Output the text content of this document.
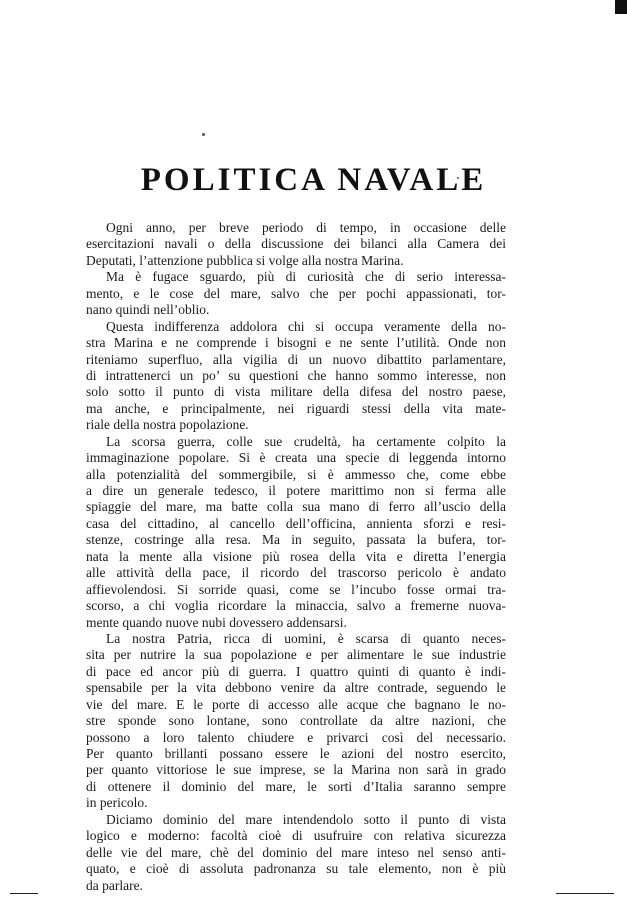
POLITICA NAVALE
Ogni anno, per breve periodo di tempo, in occasione delle
esercitazioni navali o della discussione dei bilanci alla Camera dei
Deputati, l’attenzione pubblica si volge alla nostra Marina.
Ma è fugace sguardo, più di curiosità che di serio interessa-
mento, e le cose del mare, salvo che per pochi appassionati, tor-
nano quindi nell’oblio.
Questa indifferenza addolora chi si occupa veramente della no-
stra Marina e ne comprende i bisogni e ne sente l’utilità. Onde non
riteniamo superfluo, alla vigilia di un nuovo dibattito parlamentare,
di intrattenerci un po’ su questioni che hanno sommo interesse, non
solo sotto il punto di vista militare della difesa del nostro paese,
ma anche, e principalmente, nei riguardi stessi della vita mate-
riale della nostra popolazione.
La scorsa guerra, colle sue crudeltà, ha certamente colpito la
immaginazione popolare. Si è creata una specie di leggenda intorno
alla potenzialità del sommergibile, si è ammesso che, come ebbe
a dire un generale tedesco, il potere marittimo non si ferma alle
spiaggie del mare, ma batte colla sua mano di ferro all’uscio della
casa del cittadino, al cancello dell’officina, annienta sforzi e resi-
stenze, costringe alla resa. Ma in seguito, passata la bufera, tor-
nata la mente alla visione più rosea della vita e diretta l’energia
alle attività della pace, il ricordo del trascorso pericolo è andato
affievolendosi. Si sorride quasi, come se l’incubo fosse ormai tra-
scorso, a chi voglia ricordare la minaccia, salvo a fremerne nuova-
mente quando nuove nubi dovessero addensarsi.
La nostra Patria, ricca di uomini, è scarsa di quanto neces-
sita per nutrire la sua popolazione e per alimentare le sue industrie
di pace ed ancor più di guerra. I quattro quinti di quanto è indi-
spensabile per la vita debbono venire da altre contrade, seguendo le
vie del mare. E le porte di accesso alle acque che bagnano le no-
stre sponde sono lontane, sono controllate da altre nazioni, che
possono a loro talento chiudere e privarci così del necessario.
Per quanto brillanti possano essere le azioni del nostro esercito,
per quanto vittoriose le sue imprese, se la Marina non sarà in grado
di ottenere il dominio del mare, le sorti d’Italia saranno sempre
in pericolo.
Diciamo dominio del mare intendendolo sotto il punto di vista
logico e moderno: facoltà cioè di usufruire con relativa sicurezza
delle vie del mare, chè del dominio del mare inteso nel senso anti-
quato, e cioè di assoluta padronanza su tale elemento, non è più
da parlare.
